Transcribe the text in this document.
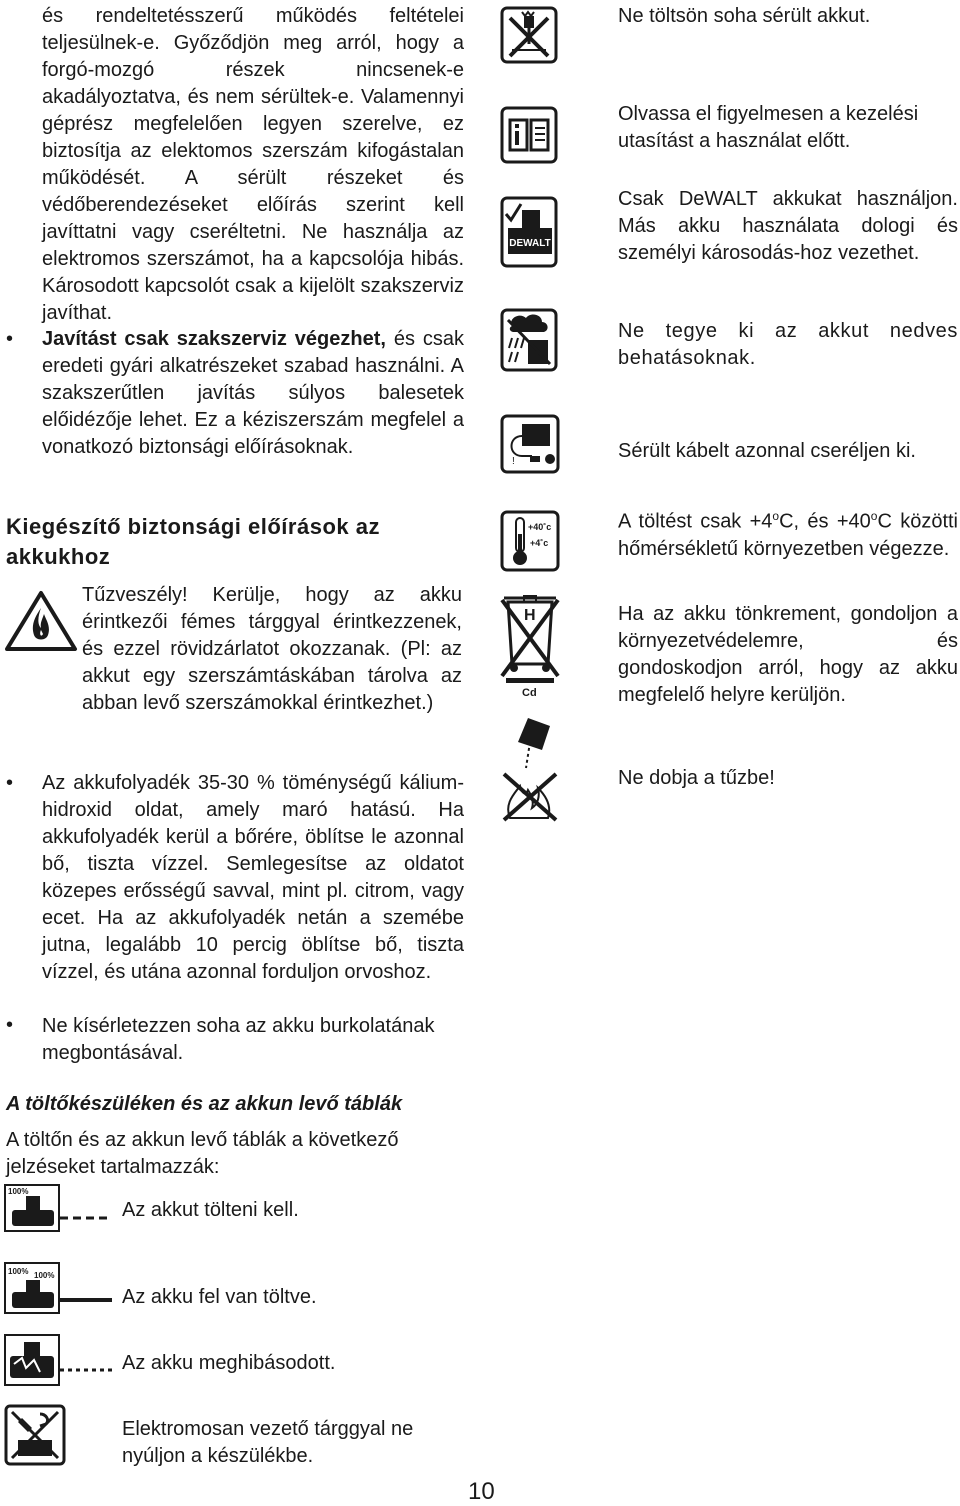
és rendeltetésszerű működés feltételei teljesülnek-e. Győződjön meg arról, hogy a forgó-mozgó részek nincsenek-e akadályoztatva, és nem sérültek-e. Valamennyi géprész megfelelően legyen szerelve, ez biztosítja az elektomos szerszám kifogástalan működését. A sérült részeket és védőberendezéseket előírás szerint kell javíttatni vagy cseréltetni. Ne használja az elektromos szerszámot, ha a kapcsolója hibás. Károsodott kapcsolót csak a kijelölt szakszerviz javíthat.

• Javítást csak szakszerviz végezhet, és csak eredeti gyári alkatrészeket szabad használni. A szakszerűtlen javítás súlyos balesetek előidézője lehet. Ez a kéziszerszám megfelel a vonatkozó biztonsági előírásoknak.

Kiegészítő biztonsági előírások az akkukhoz

Tűzveszély! Kerülje, hogy az akku érintkezői fémes tárggyal érintkezzenek, és ezzel rövidzárlatot okozzanak. (Pl: az akkut egy szerszámtáskában tárolva az abban levő szerszámokkal érintkezhet.)

• Az akkufolyadék 35-30 % töménységű kálium-hidroxid oldat, amely maró hatású. Ha akkufolyadék kerül a bőrére, öblítse le azonnal bő, tiszta vízzel. Semlegesítse az oldatot közepes erősségű savval, mint pl. citrom, vagy ecet. Ha az akkufolyadék netán a szemébe jutna, legalább 10 percig öblítse bő, tiszta vízzel, és utána azonnal forduljon orvoshoz.

• Ne kísérletezzen soha az akku burkolatának megbontásával.

DEWALT
!
+40˚c
+4˚c
H
Cd

Ne töltsön soha sérült akkut.

Olvassa el figyelmesen a kezelési utasítást a használat előtt.

Csak DeWALT akkukat használjon. Más akku használata dologi és személyi károsodás-hoz vezethet.

Ne tegye ki az akkut nedves behatásoknak.

Sérült kábelt azonnal cseréljen ki.

A töltést csak $+4^oC$, és $+40^oC$ közötti hőmérsékletű környezetben végezze.

Ha az akku tönkrement, gondoljon a környezetvédelemre, és gondoskodjon arról, hogy az akku megfelelő helyre kerüljön.

Ne dobja a tűzbe!

A töltőkészüléken és az akkun levő táblák

A töltőn és az akkun levő táblák a következő jelzéseket tartalmazzák:

100%

Az akkut tölteni kell.

100% 100%

Az akku fel van töltve.

Az akku meghibásodott.

Elektromosan vezető tárggyal ne nyúljon a készülékbe.

10
